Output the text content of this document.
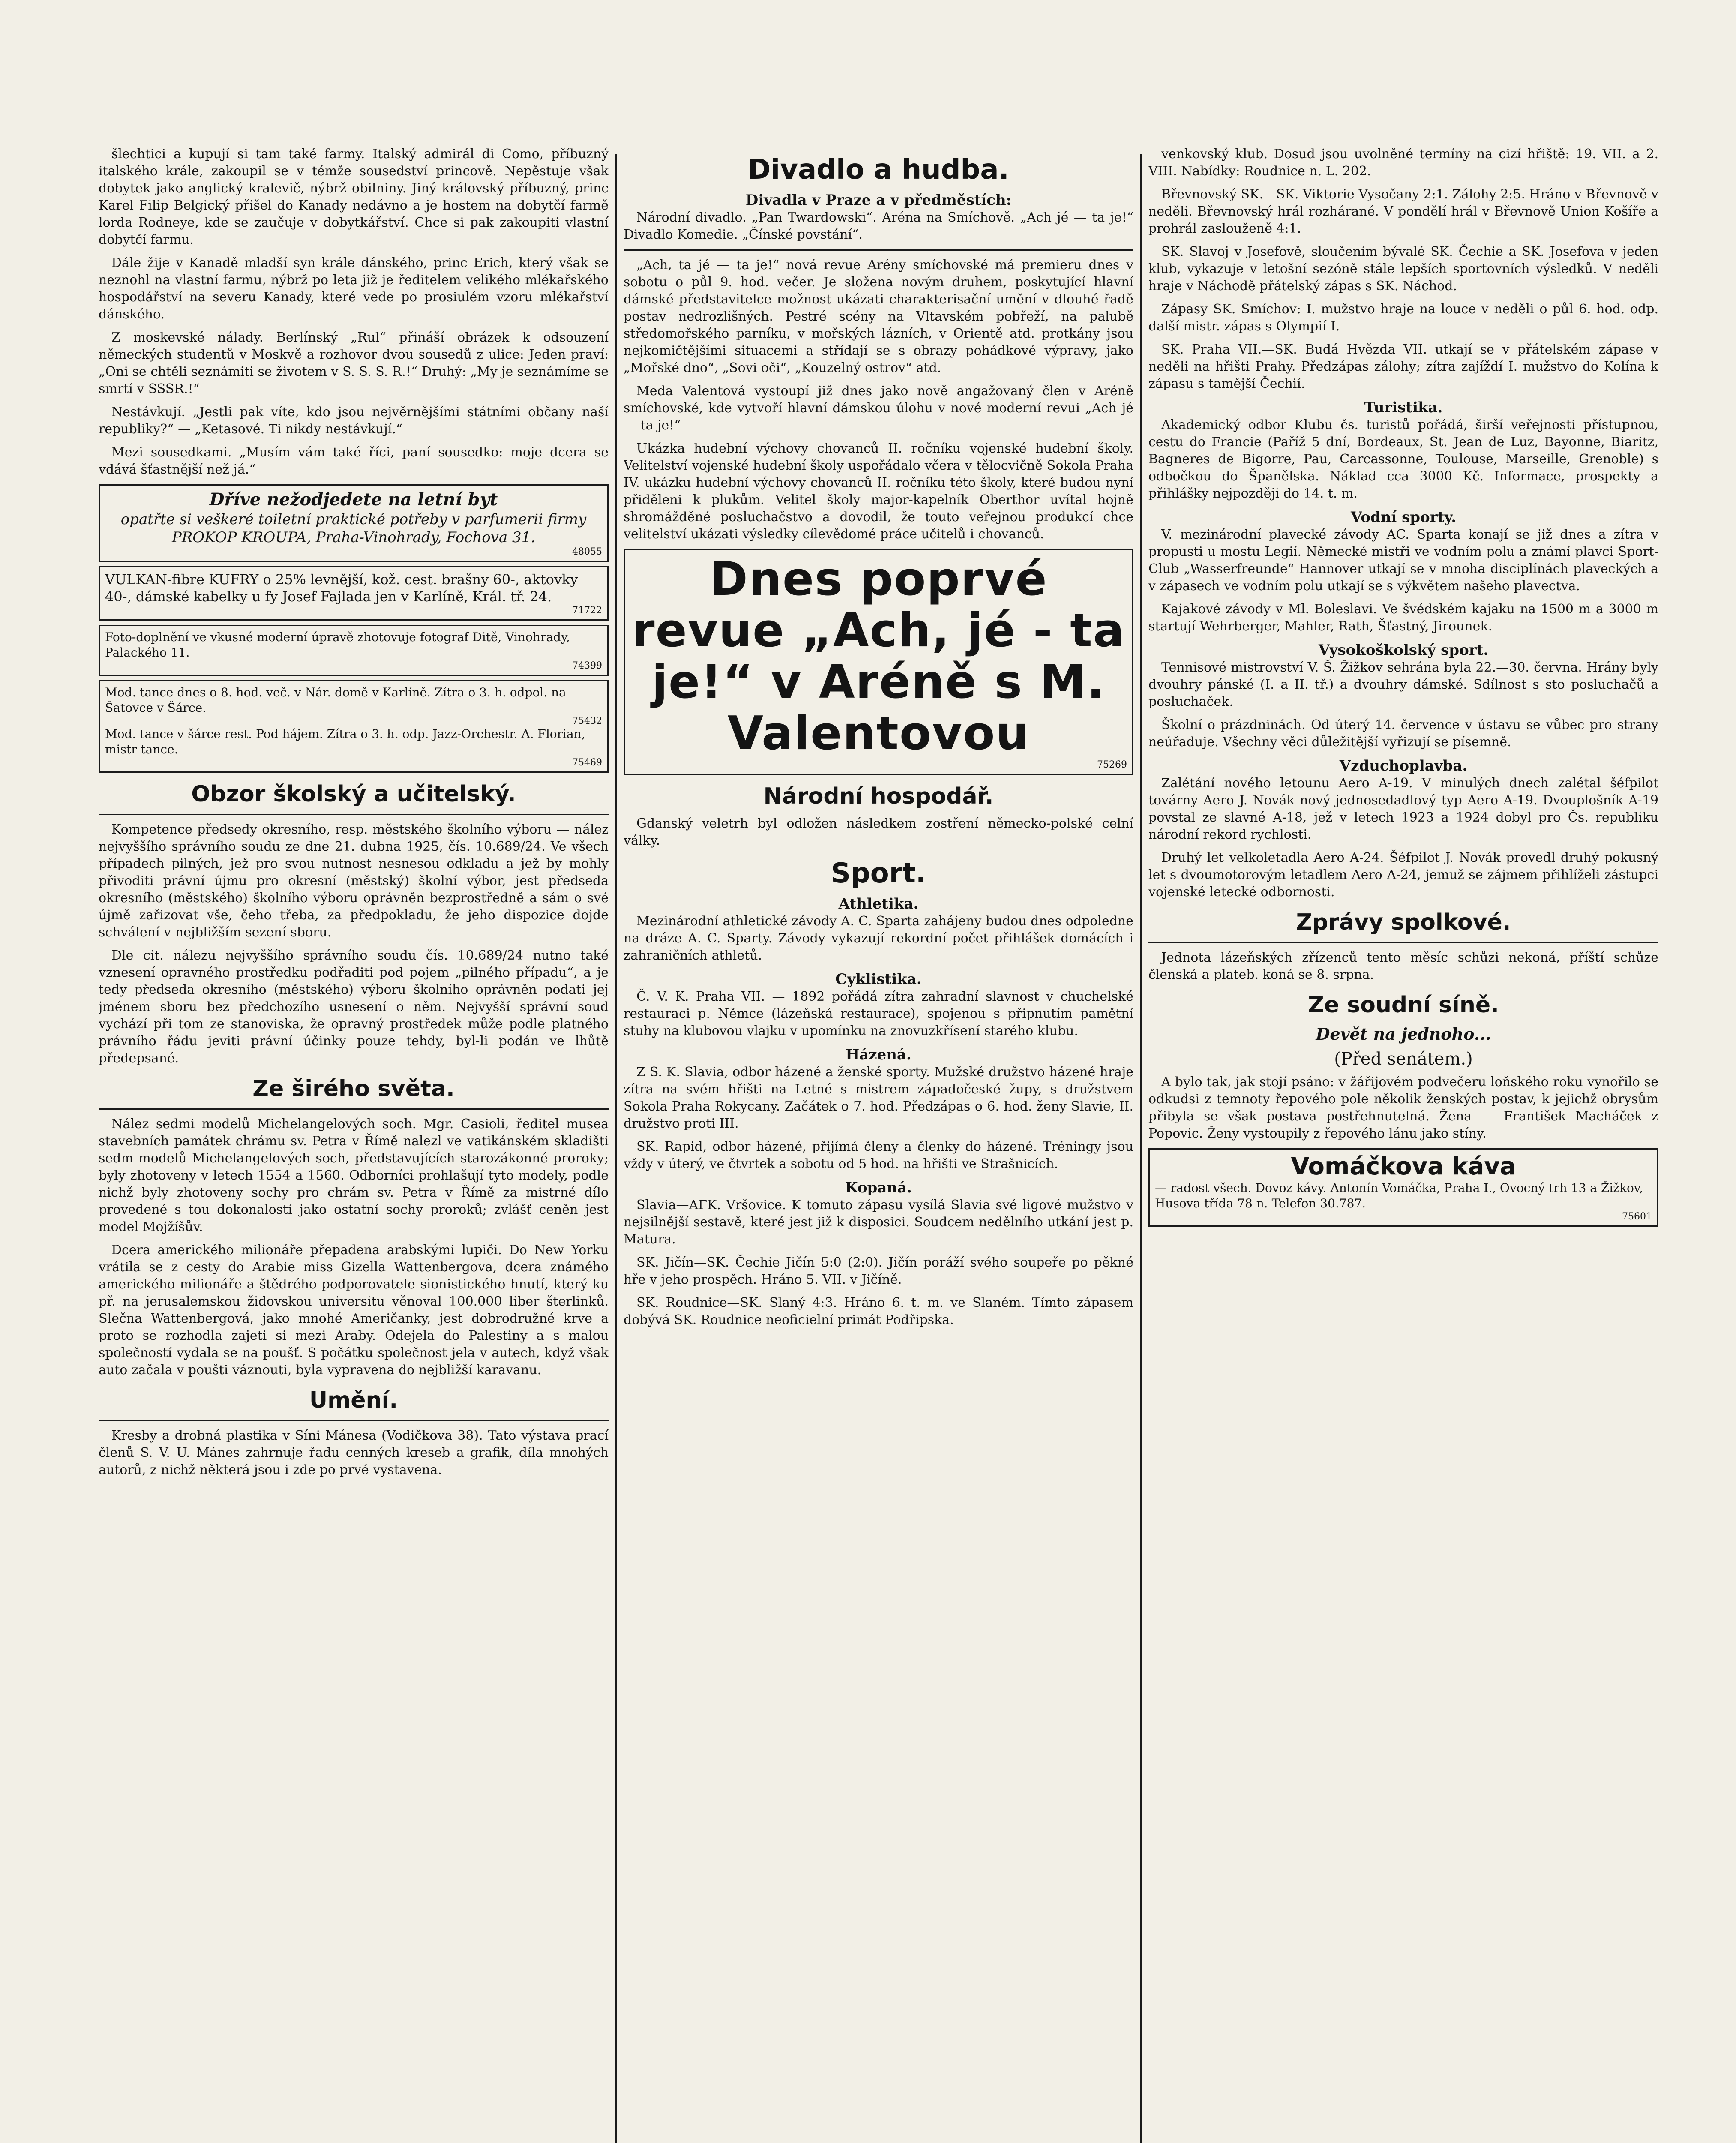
šlechtici a kupují si tam také farmy. Italský admirál di Como, příbuzný italského krále, zakoupil se v témže sousedství princově. Nepěstuje však dobytek jako anglický kralevič, nýbrž obilniny. Jiný královský příbuzný, princ Karel Filip Belgický přišel do Kanady nedávno a je hostem na dobytčí farmě lorda Rodneye, kde se zaučuje v dobytkářství. Chce si pak zakoupiti vlastní dobytčí farmu.

Dále žije v Kanadě mladší syn krále dánského, princ Erich, který však se neznohl na vlastní farmu, nýbrž po leta již je ředitelem velikého mlékařského hospodářství na severu Kanady, které vede po prosiulém vzoru mlékařství dánského.

Z moskevské nálady. Berlínský „Rul“ přináší obrázek k odsouzení německých studentů v Moskvě a rozhovor dvou sousedů z ulice: Jeden praví: „Oni se chtěli seznámiti se životem v S. S. S. R.!“ Druhý: „My je seznámíme se smrtí v SSSR.!“

Nestávkují. „Jestli pak víte, kdo jsou nejvěrnějšími státními občany naší republiky?“ — „Ketasové. Ti nikdy nestávkují.“

Mezi sousedkami. „Musím vám také říci, paní sousedko: moje dcera se vdává šťastnější než já.“

Dříve nežodjedete na letní byt
opatřte si veškeré toiletní praktické potřeby v parfumerii firmy PROKOP KROUPA, Praha-Vinohrady, Fochova 31.
48055
VULKAN-fibre KUFRY o 25% levnější, kož. cest. brašny 60-, aktovky 40-, dámské kabelky u fy Josef Fajlada jen v Karlíně, Král. tř. 24.
71722
Foto-doplnění ve vkusné moderní úpravě zhotovuje fotograf Ditě, Vinohrady, Palackého 11.
74399
Mod. tance dnes o 8. hod. več. v Nár. domě v Karlíně. Zítra o 3. h. odpol. na Šatovce v Šárce.
75432
Mod. tance v šárce rest. Pod hájem. Zítra o 3. h. odp. Jazz-Orchestr. A. Florian, mistr tance.
75469
Obzor školský a učitelský.

Kompetence předsedy okresního, resp. městského školního výboru — nález nejvyššího správního soudu ze dne 21. dubna 1925, čís. 10.689/24. Ve všech případech pilných, jež pro svou nutnost nesnesou odkladu a jež by mohly přivoditi právní újmu pro okresní (městský) školní výbor, jest předseda okresního (městského) školního výboru oprávněn bezprostředně a sám o své újmě zařizovat vše, čeho třeba, za předpokladu, že jeho dispozice dojde schválení v nejbližším sezení sboru.

Dle cit. nálezu nejvyššího správního soudu čís. 10.689/24 nutno také vznesení opravného prostředku podřaditi pod pojem „pilného případu“, a je tedy předseda okresního (městského) výboru školního oprávněn podati jej jménem sboru bez předchozího usnesení o něm. Nejvyšší správní soud vychází při tom ze stanoviska, že opravný prostředek může podle platného právního řádu jeviti právní účinky pouze tehdy, byl-li podán ve lhůtě předepsané.

Ze širého světa.

Nález sedmi modelů Michelangelových soch. Mgr. Casioli, ředitel musea stavebních památek chrámu sv. Petra v Římě nalezl ve vatikánském skladišti sedm modelů Michelangelových soch, představujících starozákonné proroky; byly zhotoveny v letech 1554 a 1560. Odborníci prohlašují tyto modely, podle nichž byly zhotoveny sochy pro chrám sv. Petra v Římě za mistrné dílo provedené s tou dokonalostí jako ostatní sochy proroků; zvlášť ceněn jest model Mojžíšův.

Dcera amerického milionáře přepadena arabskými lupiči. Do New Yorku vrátila se z cesty do Arabie miss Gizella Wattenbergova, dcera známého amerického milionáře a štědrého podporovatele sionistického hnutí, který ku př. na jerusalemskou židovskou universitu věnoval 100.000 liber šterlinků. Slečna Wattenbergová, jako mnohé Američanky, jest dobrodružné krve a proto se rozhodla zajeti si mezi Araby. Odejela do Palestiny a s malou společností vydala se na poušť. S počátku společnost jela v autech, když však auto začala v poušti váznouti, byla vypravena do nejbližší karavanu.

Umění.

Kresby a drobná plastika v Síni Mánesa (Vodičkova 38). Tato výstava prací členů S. V. U. Mánes zahrnuje řadu cenných kreseb a grafik, díla mnohých autorů, z nichž některá jsou i zde po prvé vystavena.

Divadlo a hudba.
Divadla v Praze a v předměstích:

Národní divadlo. „Pan Twardowski“. Aréna na Smíchově. „Ach jé — ta je!“ Divadlo Komedie. „Čínské povstání“.

„Ach, ta jé — ta je!“ nová revue Arény smíchovské má premieru dnes v sobotu o půl 9. hod. večer. Je složena novým druhem, poskytující hlavní dámské představitelce možnost ukázati charakterisační umění v dlouhé řadě postav nedrozlišných. Pestré scény na Vltavském pobřeží, na palubě středomořského parníku, v mořských lázních, v Orientě atd. protkány jsou nejkomičtějšími situacemi a střídají se s obrazy pohádkové výpravy, jako „Mořské dno“, „Sovi oči“, „Kouzelný ostrov“ atd.

Meda Valentová vystoupí již dnes jako nově angažovaný člen v Aréně smíchovské, kde vytvoří hlavní dámskou úlohu v nové moderní revui „Ach jé — ta je!“

Ukázka hudební výchovy chovanců II. ročníku vojenské hudební školy. Velitelství vojenské hudební školy uspořádalo včera v tělocvičně Sokola Praha IV. ukázku hudební výchovy chovanců II. ročníku této školy, které budou nyní přiděleni k plukům. Velitel školy major-kapelník Oberthor uvítal hojně shromážděné posluchačstvo a dovodil, že touto veřejnou produkcí chce velitelství ukázati výsledky cílevědomé práce učitelů i chovanců.

Dnes poprvé revue „Ach, jé - ta je!“ v Aréně s M. Valentovou
75269
Národní hospodář.

Gdanský veletrh byl odložen následkem zostření německo-polské celní války.

Sport.
Athletika.

Mezinárodní athletické závody A. C. Sparta zahájeny budou dnes odpoledne na dráze A. C. Sparty. Závody vykazují rekordní počet přihlášek domácích i zahraničních athletů.

Cyklistika.

Č. V. K. Praha VII. — 1892 pořádá zítra zahradní slavnost v chuchelské restauraci p. Němce (lázeňská restaurace), spojenou s připnutím pamětní stuhy na klubovou vlajku v upomínku na znovuzkřísení starého klubu.

Házená.

Z S. K. Slavia, odbor házené a ženské sporty. Mužské družstvo házené hraje zítra na svém hřišti na Letné s mistrem západočeské župy, s družstvem Sokola Praha Rokycany. Začátek o 7. hod. Předzápas o 6. hod. ženy Slavie, II. družstvo proti III.

SK. Rapid, odbor házené, přijímá členy a členky do házené. Tréningy jsou vždy v úterý, ve čtvrtek a sobotu od 5 hod. na hřišti ve Strašnicích.

Kopaná.

Slavia—AFK. Vršovice. K tomuto zápasu vysílá Slavia své ligové mužstvo v nejsilnější sestavě, které jest již k disposici. Soudcem nedělního utkání jest p. Matura.

SK. Jičín—SK. Čechie Jičín 5:0 (2:0). Jičín poráží svého soupeře po pěkné hře v jeho prospěch. Hráno 5. VII. v Jičíně.

SK. Roudnice—SK. Slaný 4:3. Hráno 6. t. m. ve Slaném. Tímto zápasem dobývá SK. Roudnice neoficielní primát Podřipska.

venkovský klub. Dosud jsou uvolněné termíny na cizí hřiště: 19. VII. a 2. VIII. Nabídky: Roudnice n. L. 202.

Břevnovský SK.—SK. Viktorie Vysočany 2:1. Zálohy 2:5. Hráno v Břevnově v neděli. Břevnovský hrál rozhárané. V pondělí hrál v Břevnově Union Košíře a prohrál zaslouženě 4:1.

SK. Slavoj v Josefově, sloučením bývalé SK. Čechie a SK. Josefova v jeden klub, vykazuje v letošní sezóně stále lepších sportovních výsledků. V neděli hraje v Náchodě přátelský zápas s SK. Náchod.

Zápasy SK. Smíchov: I. mužstvo hraje na louce v neděli o půl 6. hod. odp. další mistr. zápas s Olympií I.

SK. Praha VII.—SK. Budá Hvězda VII. utkají se v přátelském zápase v neděli na hřišti Prahy. Předzápas zálohy; zítra zajíždí I. mužstvo do Kolína k zápasu s tamější Čechií.

Turistika.

Akademický odbor Klubu čs. turistů pořádá, širší veřejnosti přístupnou, cestu do Francie (Paříž 5 dní, Bordeaux, St. Jean de Luz, Bayonne, Biaritz, Bagneres de Bigorre, Pau, Carcassonne, Toulouse, Marseille, Grenoble) s odbočkou do Španělska. Náklad cca 3000 Kč. Informace, prospekty a přihlášky nejpozději do 14. t. m.

Vodní sporty.

V. mezinárodní plavecké závody AC. Sparta konají se již dnes a zítra v propusti u mostu Legií. Německé mistři ve vodním polu a známí plavci Sport-Club „Wasserfreunde“ Hannover utkají se v mnoha disciplínách plaveckých a v zápasech ve vodním polu utkají se s výkvětem našeho plavectva.

Kajakové závody v Ml. Boleslavi. Ve švédském kajaku na 1500 m a 3000 m startují Wehrberger, Mahler, Rath, Šťastný, Jirounek.

Vysokoškolský sport.

Tennisové mistrovství V. Š. Žižkov sehrána byla 22.—30. června. Hrány byly dvouhry pánské (I. a II. tř.) a dvouhry dámské. Sdílnost s sto posluchačů a posluchaček.

Školní o prázdninách. Od úterý 14. července v ústavu se vůbec pro strany neúřaduje. Všechny věci důležitější vyřizují se písemně.

Vzduchoplavba.

Zalétání nového letounu Aero A-19. V minulých dnech zalétal šéfpilot továrny Aero J. Novák nový jednosedadlový typ Aero A-19. Dvouplošník A-19 povstal ze slavné A-18, jež v letech 1923 a 1924 dobyl pro Čs. republiku národní rekord rychlosti.

Druhý let velkoletadla Aero A-24. Šéfpilot J. Novák provedl druhý pokusný let s dvoumotorovým letadlem Aero A-24, jemuž se zájmem přihlíželi zástupci vojenské letecké odbornosti.

Zprávy spolkové.

Jednota lázeňských zřízenců tento měsíc schůzi nekoná, příští schůze členská a plateb. koná se 8. srpna.

Ze soudní síně.
Devět na jednoho...
(Před senátem.)

A bylo tak, jak stojí psáno: v žářijovém podvečeru loňského roku vynořilo se odkudsi z temnoty řepového pole několik ženských postav, k jejichž obrysům přibyla se však postava postřehnutelná. Žena — František Macháček z Popovic. Ženy vystoupily z řepového lánu jako stíny.

Vomáčkova káva
— radost všech. Dovoz kávy. Antonín Vomáčka, Praha I., Ovocný trh 13 a Žižkov, Husova třída 78 n. Telefon 30.787.
75601
